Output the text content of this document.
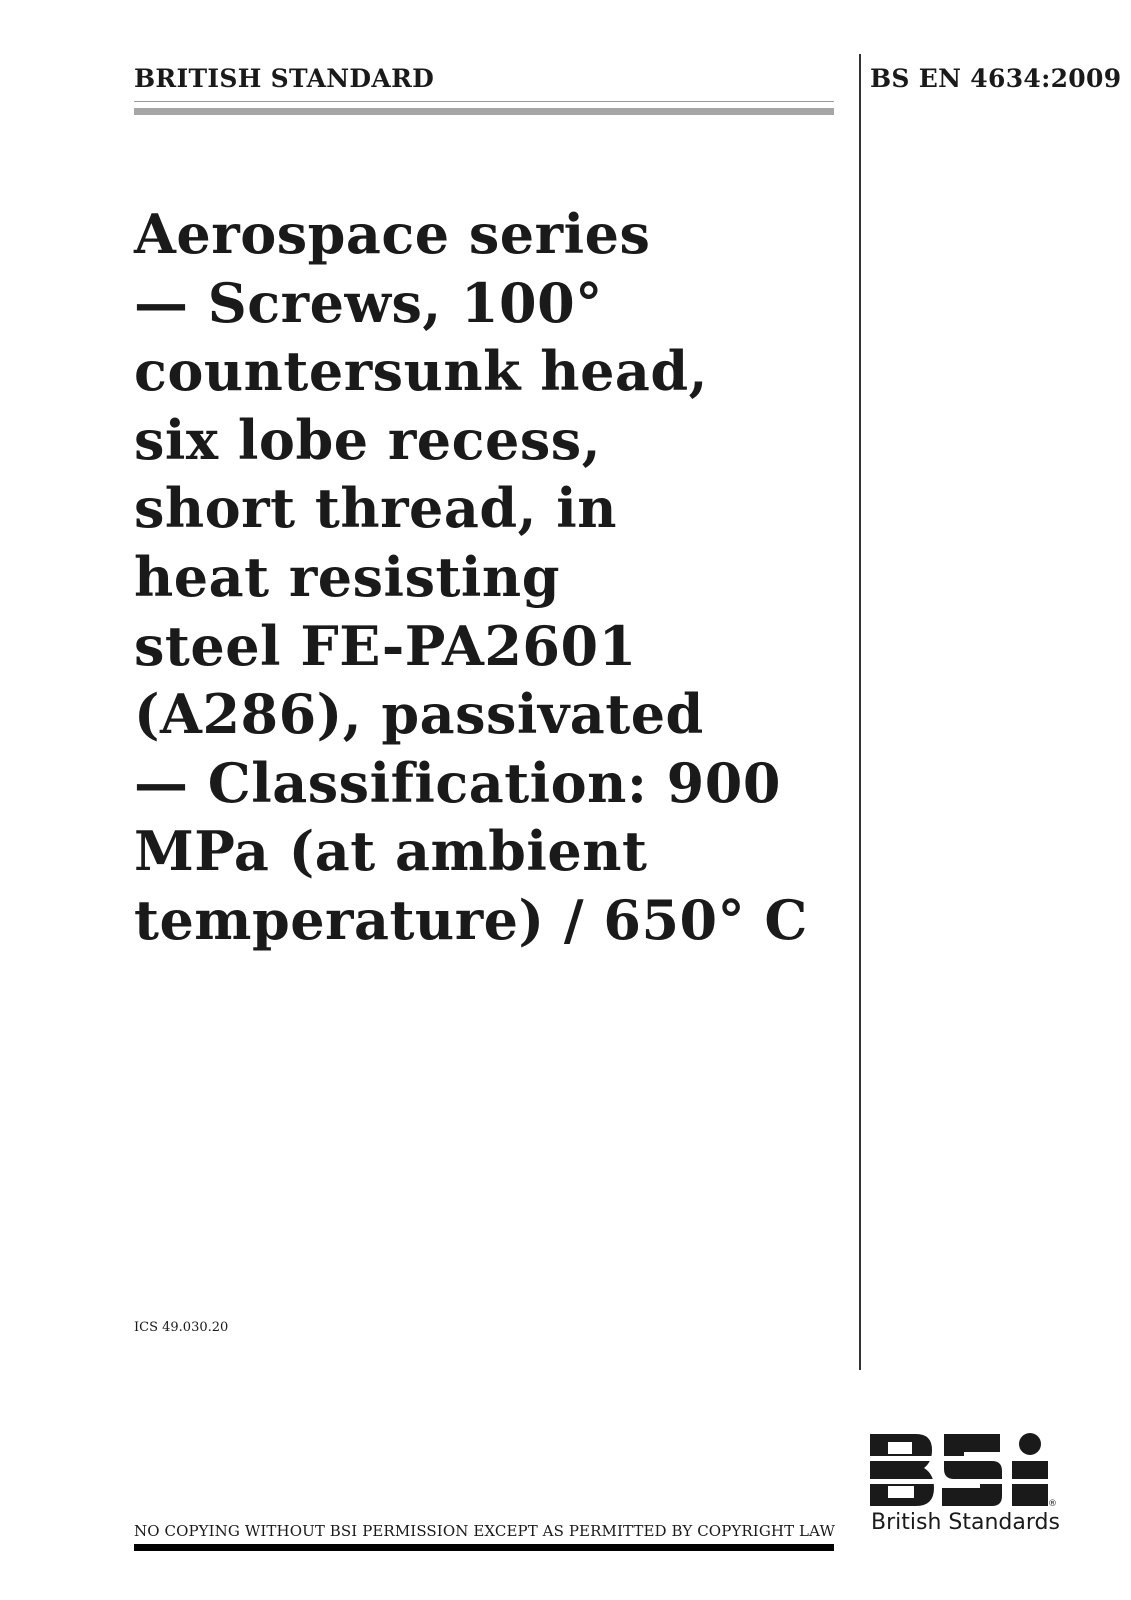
BRITISH STANDARD	BS EN 4634:2009
Aerospace series
— Screws, 100°
countersunk head,
six lobe recess,
short thread, in
heat resisting
steel FE-PA2601
(A286), passivated
— Classification: 900
MPa (at ambient
temperature) / 650° C
ICS 49.030.20
NO COPYING WITHOUT BSI PERMISSION EXCEPT AS PERMITTED BY COPYRIGHT LAW
®
British Standards
